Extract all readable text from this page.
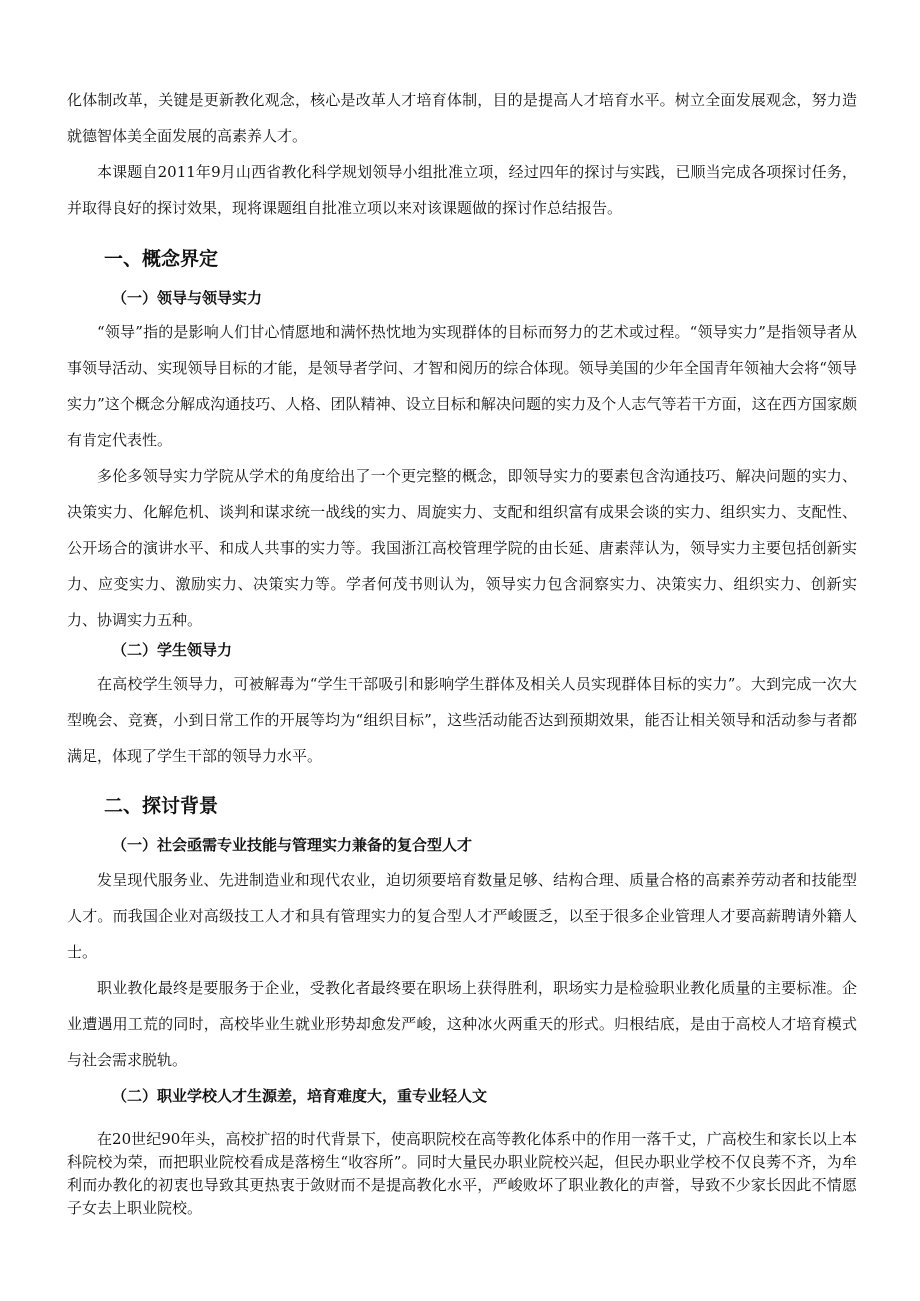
化体制改革，关键是更新教化观念，核心是改革人才培育体制，目的是提高人才培育水平。树立全面发展观念，努力造就德智体美全面发展的高素养人才。

本课题自2011年9月山西省教化科学规划领导小组批准立项，经过四年的探讨与实践，已顺当完成各项探讨任务，并取得良好的探讨效果，现将课题组自批准立项以来对该课题做的探讨作总结报告。

一、概念界定
（一）领导与领导实力

“领导”指的是影响人们甘心情愿地和满怀热忱地为实现群体的目标而努力的艺术或过程。“领导实力”是指领导者从事领导活动、实现领导目标的才能，是领导者学问、才智和阅历的综合体现。领导美国的少年全国青年领袖大会将“领导实力”这个概念分解成沟通技巧、人格、团队精神、设立目标和解决问题的实力及个人志气等若干方面，这在西方国家颇有肯定代表性。

多伦多领导实力学院从学术的角度给出了一个更完整的概念，即领导实力的要素包含沟通技巧、解决问题的实力、决策实力、化解危机、谈判和谋求统一战线的实力、周旋实力、支配和组织富有成果会谈的实力、组织实力、支配性、公开场合的演讲水平、和成人共事的实力等。我国浙江高校管理学院的由长延、唐素萍认为，领导实力主要包括创新实力、应变实力、激励实力、决策实力等。学者何茂书则认为，领导实力包含洞察实力、决策实力、组织实力、创新实力、协调实力五种。

（二）学生领导力

在高校学生领导力，可被解毒为“学生干部吸引和影响学生群体及相关人员实现群体目标的实力”。大到完成一次大型晚会、竞赛，小到日常工作的开展等均为“组织目标”，这些活动能否达到预期效果，能否让相关领导和活动参与者都满足，体现了学生干部的领导力水平。

二、探讨背景
（一）社会亟需专业技能与管理实力兼备的复合型人才

发呈现代服务业、先进制造业和现代农业，迫切须要培育数量足够、结构合理、质量合格的高素养劳动者和技能型人才。而我国企业对高级技工人才和具有管理实力的复合型人才严峻匮乏，以至于很多企业管理人才要高薪聘请外籍人士。

职业教化最终是要服务于企业，受教化者最终要在职场上获得胜利，职场实力是检验职业教化质量的主要标准。企业遭遇用工荒的同时，高校毕业生就业形势却愈发严峻，这种冰火两重天的形式。归根结底，是由于高校人才培育模式与社会需求脱轨。

（二）职业学校人才生源差，培育难度大，重专业轻人文

在20世纪90年头，高校扩招的时代背景下，使高职院校在高等教化体系中的作用一落千丈，广高校生和家长以上本科院校为荣，而把职业院校看成是落榜生“收容所”。同时大量民办职业院校兴起，但民办职业学校不仅良莠不齐，为牟利而办教化的初衷也导致其更热衷于敛财而不是提高教化水平，严峻败坏了职业教化的声誉，导致不少家长因此不情愿子女去上职业院校。
